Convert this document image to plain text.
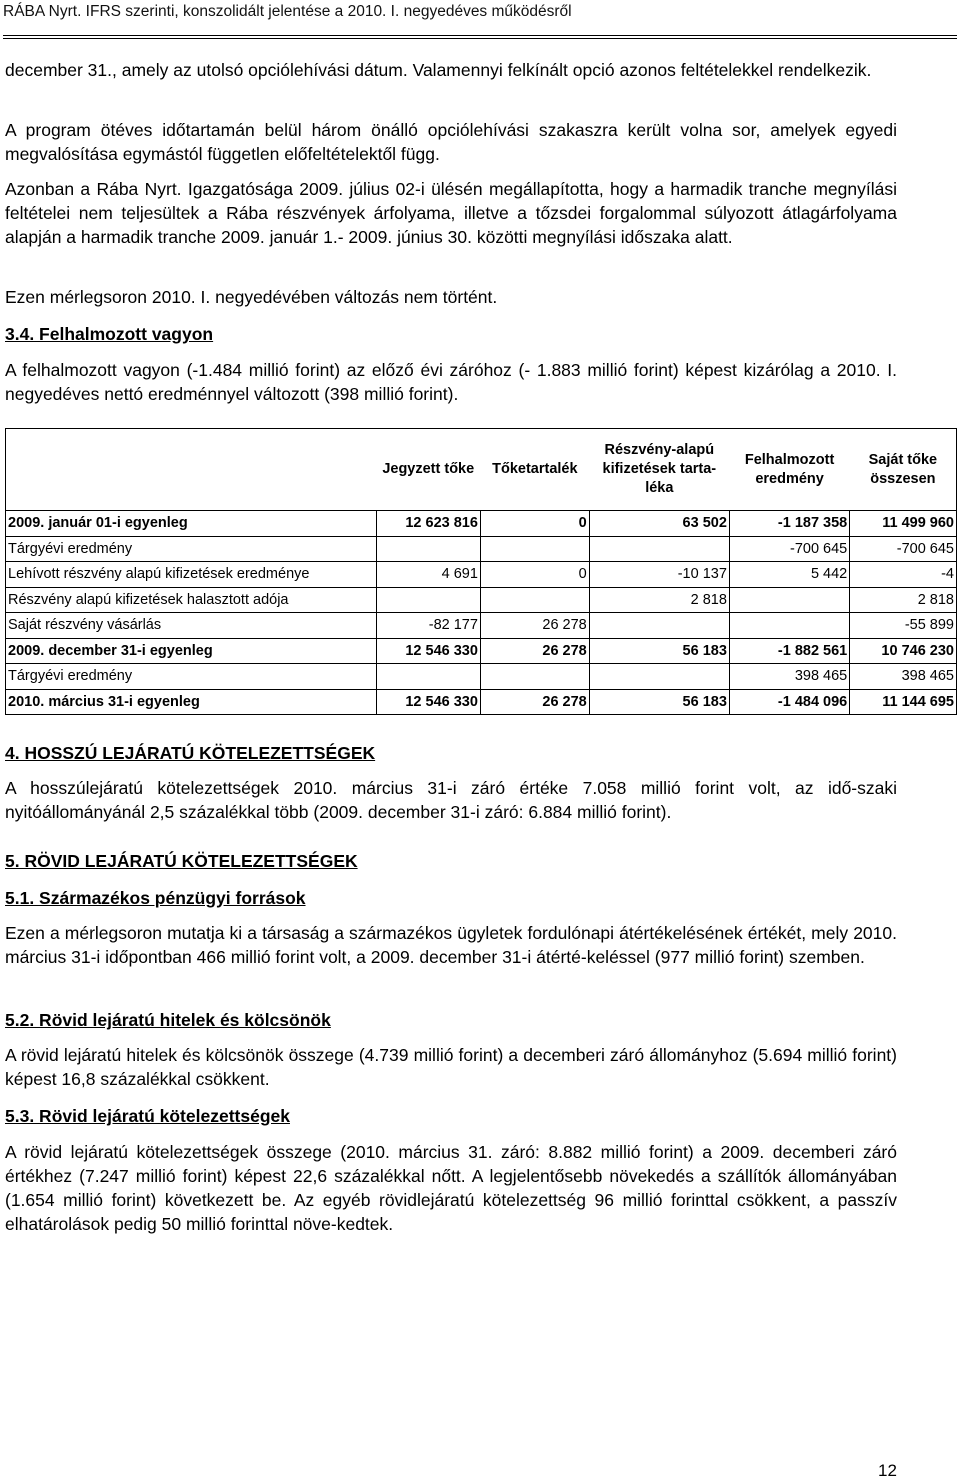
RÁBA Nyrt. IFRS szerinti, konszolidált jelentése a 2010. I. negyedéves működésről

december 31., amely az utolsó opciólehívási dátum. Valamennyi felkínált opció azonos feltételekkel rendelkezik.

A program ötéves időtartamán belül három önálló opciólehívási szakaszra került volna sor, amelyek egyedi megvalósítása egymástól független előfeltételektől függ.

Azonban a Rába Nyrt. Igazgatósága 2009. július 02-i ülésén megállapította, hogy a harmadik tranche megnyílási feltételei nem teljesültek a Rába részvények árfolyama, illetve a tőzsdei forgalommal súlyozott átlagárfolyama alapján a harmadik tranche 2009. január 1.- 2009. június 30. közötti megnyílási időszaka alatt.

Ezen mérlegsoron 2010. I. negyedévében változás nem történt.
3.4. Felhalmozott vagyon

A felhalmozott vagyon (-1.484 millió forint) az előző évi záróhoz (- 1.883 millió forint) képest kizárólag a 2010. I. negyedéves nettó eredménnyel változott (398 millió forint).

	Jegyzett tőke	Tőketartalék	Részvény-alapú kifizetések tarta-léka	Felhalmozott eredmény	Saját tőke összesen
2009. január 01-i egyenleg	12 623 816	0	63 502	-1 187 358	11 499 960
Tárgyévi eredmény				-700 645	-700 645
Lehívott részvény alapú kifizetések eredménye	4 691	0	-10 137	5 442	-4
Részvény alapú kifizetések halasztott adója			2 818		2 818
Saját részvény vásárlás	-82 177	26 278			-55 899
2009. december 31-i egyenleg	12 546 330	26 278	56 183	-1 882 561	10 746 230
Tárgyévi eredmény				398 465	398 465
2010. március 31-i egyenleg	12 546 330	26 278	56 183	-1 484 096	11 144 695
4. HOSSZÚ LEJÁRATÚ KÖTELEZETTSÉGEK

A hosszúlejáratú kötelezettségek 2010. március 31-i záró értéke 7.058 millió forint volt, az idő-szaki nyitóállományánál 2,5 százalékkal több (2009. december 31-i záró: 6.884 millió forint).

5. RÖVID LEJÁRATÚ KÖTELEZETTSÉGEK
5.1. Származékos pénzügyi források

Ezen a mérlegsoron mutatja ki a társaság a származékos ügyletek fordulónapi átértékelésének értékét, mely 2010. március 31-i időpontban 466 millió forint volt, a 2009. december 31-i átérté-keléssel (977 millió forint) szemben.

5.2. Rövid lejáratú hitelek és kölcsönök

A rövid lejáratú hitelek és kölcsönök összege (4.739 millió forint) a decemberi záró állományhoz (5.694 millió forint) képest 16,8 százalékkal csökkent.

5.3. Rövid lejáratú kötelezettségek

A rövid lejáratú kötelezettségek összege (2010. március 31. záró: 8.882 millió forint) a 2009. decemberi záró értékhez (7.247 millió forint) képest 22,6 százalékkal nőtt. A legjelentősebb növekedés a szállítók állományában (1.654 millió forint) következett be. Az egyéb rövidlejáratú kötelezettség 96 millió forinttal csökkent, a passzív elhatárolások pedig 50 millió forinttal növe-kedtek.

12
